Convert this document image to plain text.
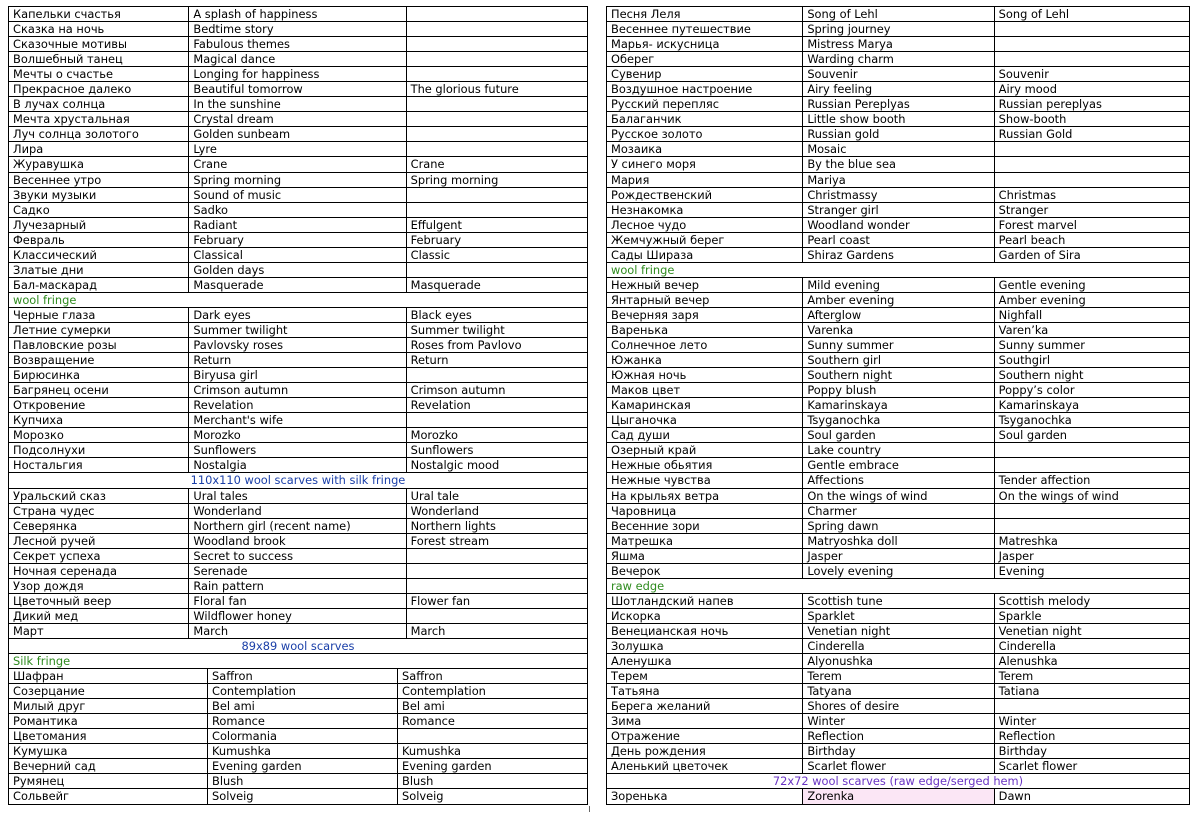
Капельки счастья	A splash of happiness
Сказка на ночь	Bedtime story
Сказочные мотивы	Fabulous themes
Волшебный танец	Magical dance
Мечты о счастье	Longing for happiness
Прекрасное далеко	Beautiful tomorrow	The glorious future
В лучах солнца	In the sunshine
Мечта хрустальная	Crystal dream
Луч солнца золотого	Golden sunbeam
Лира	Lyre
Журавушка	Crane	Crane
Весеннее утро	Spring morning	Spring morning
Звуки музыки	Sound of music
Садко	Sadko
Лучезарный	Radiant	Effulgent
Февраль	February	February
Классический	Classical	Classic
Златые дни	Golden days
Бал-маскарад	Masquerade	Masquerade
wool fringe
Черные глаза	Dark eyes	Black eyes
Летние сумерки	Summer twilight	Summer twilight
Павловские розы	Pavlovsky roses	Roses from Pavlovo
Возвращение	Return	Return
Бирюсинка	Biryusa girl
Багрянец осени	Crimson autumn	Crimson autumn
Откровение	Revelation	Revelation
Купчиха	Merchant's wife
Морозко	Morozko	Morozko
Подсолнухи	Sunflowers	Sunflowers
Ностальгия	Nostalgia	Nostalgic mood
110x110 wool scarves with silk fringe
Уральский сказ	Ural tales	Ural tale
Страна чудес	Wonderland	Wonderland
Северянка	Northern girl (recent name)	Northern lights
Лесной ручей	Woodland brook	Forest stream
Секрет успеха	Secret to success
Ночная серенада	Serenade
Узор дождя	Rain pattern
Цветочный веер	Floral fan	Flower fan
Дикий мед	Wildflower honey
Март	March	March
89x89 wool scarves
Silk fringe
Шафран	Saffron	Saffron
Созерцание	Contemplation	Contemplation
Милый друг	Bel ami	Bel ami
Романтика	Romance	Romance
Цветомания	Colormania
Кумушка	Kumushka	Kumushka
Вечерний сад	Evening garden	Evening garden
Румянец	Blush	Blush
Сольвейг	Solveig	Solveig
Песня Леля	Song of Lehl	Song of Lehl
Весеннее путешествие	Spring journey
Марья- искусница	Mistress Marya
Оберег	Warding charm
Сувенир	Souvenir	Souvenir
Воздушное настроение	Airy feeling	Airy mood
Русский перепляс	Russian Pereplyas	Russian pereplyas
Балаганчик	Little show booth	Show-booth
Русское золото	Russian gold	Russian Gold
Мозаика	Mosaic
У синего моря	By the blue sea
Мария	Mariya
Рождественский	Christmassy	Christmas
Незнакомка	Stranger girl	Stranger
Лесное чудо	Woodland wonder	Forest marvel
Жемчужный берег	Pearl coast	Pearl beach
Сады Шираза	Shiraz Gardens	Garden of Sira
wool fringe
Нежный вечер	Mild evening	Gentle evening
Янтарный вечер	Amber evening	Amber evening
Вечерняя заря	Afterglow	Nighfall
Варенька	Varenka	Varen’ka
Солнечное лето	Sunny summer	Sunny summer
Южанка	Southern girl	Southgirl
Южная ночь	Southern night	Southern night
Маков цвет	Poppy blush	Poppy’s color
Камаринская	Kamarinskaya	Kamarinskaya
Цыганочка	Tsyganochka	Tsyganochka
Сад души	Soul garden	Soul garden
Озерный край	Lake country
Нежные обьятия	Gentle embrace
Нежные чувства	Affections	Tender affection
На крыльях ветра	On the wings of wind	On the wings of wind
Чаровница	Charmer
Весенние зори	Spring dawn
Матрешка	Matryoshka doll	Matreshka
Яшма	Jasper	Jasper
Вечерок	Lovely evening	Evening
raw edge
Шотландский напев	Scottish tune	Scottish melody
Искорка	Sparklet	Sparkle
Венецианская ночь	Venetian night	Venetian night
Золушка	Cinderella	Cinderella
Аленушка	Alyonushka	Alenushka
Терем	Terem	Terem
Татьяна	Tatyana	Tatiana
Берега желаний	Shores of desire
Зима	Winter	Winter
Отражение	Reflection	Reflection
День рождения	Birthday	Birthday
Аленький цветочек	Scarlet flower	Scarlet flower
72x72 wool scarves (raw edge/serged hem)
Зоренька	Zorenka	Dawn
